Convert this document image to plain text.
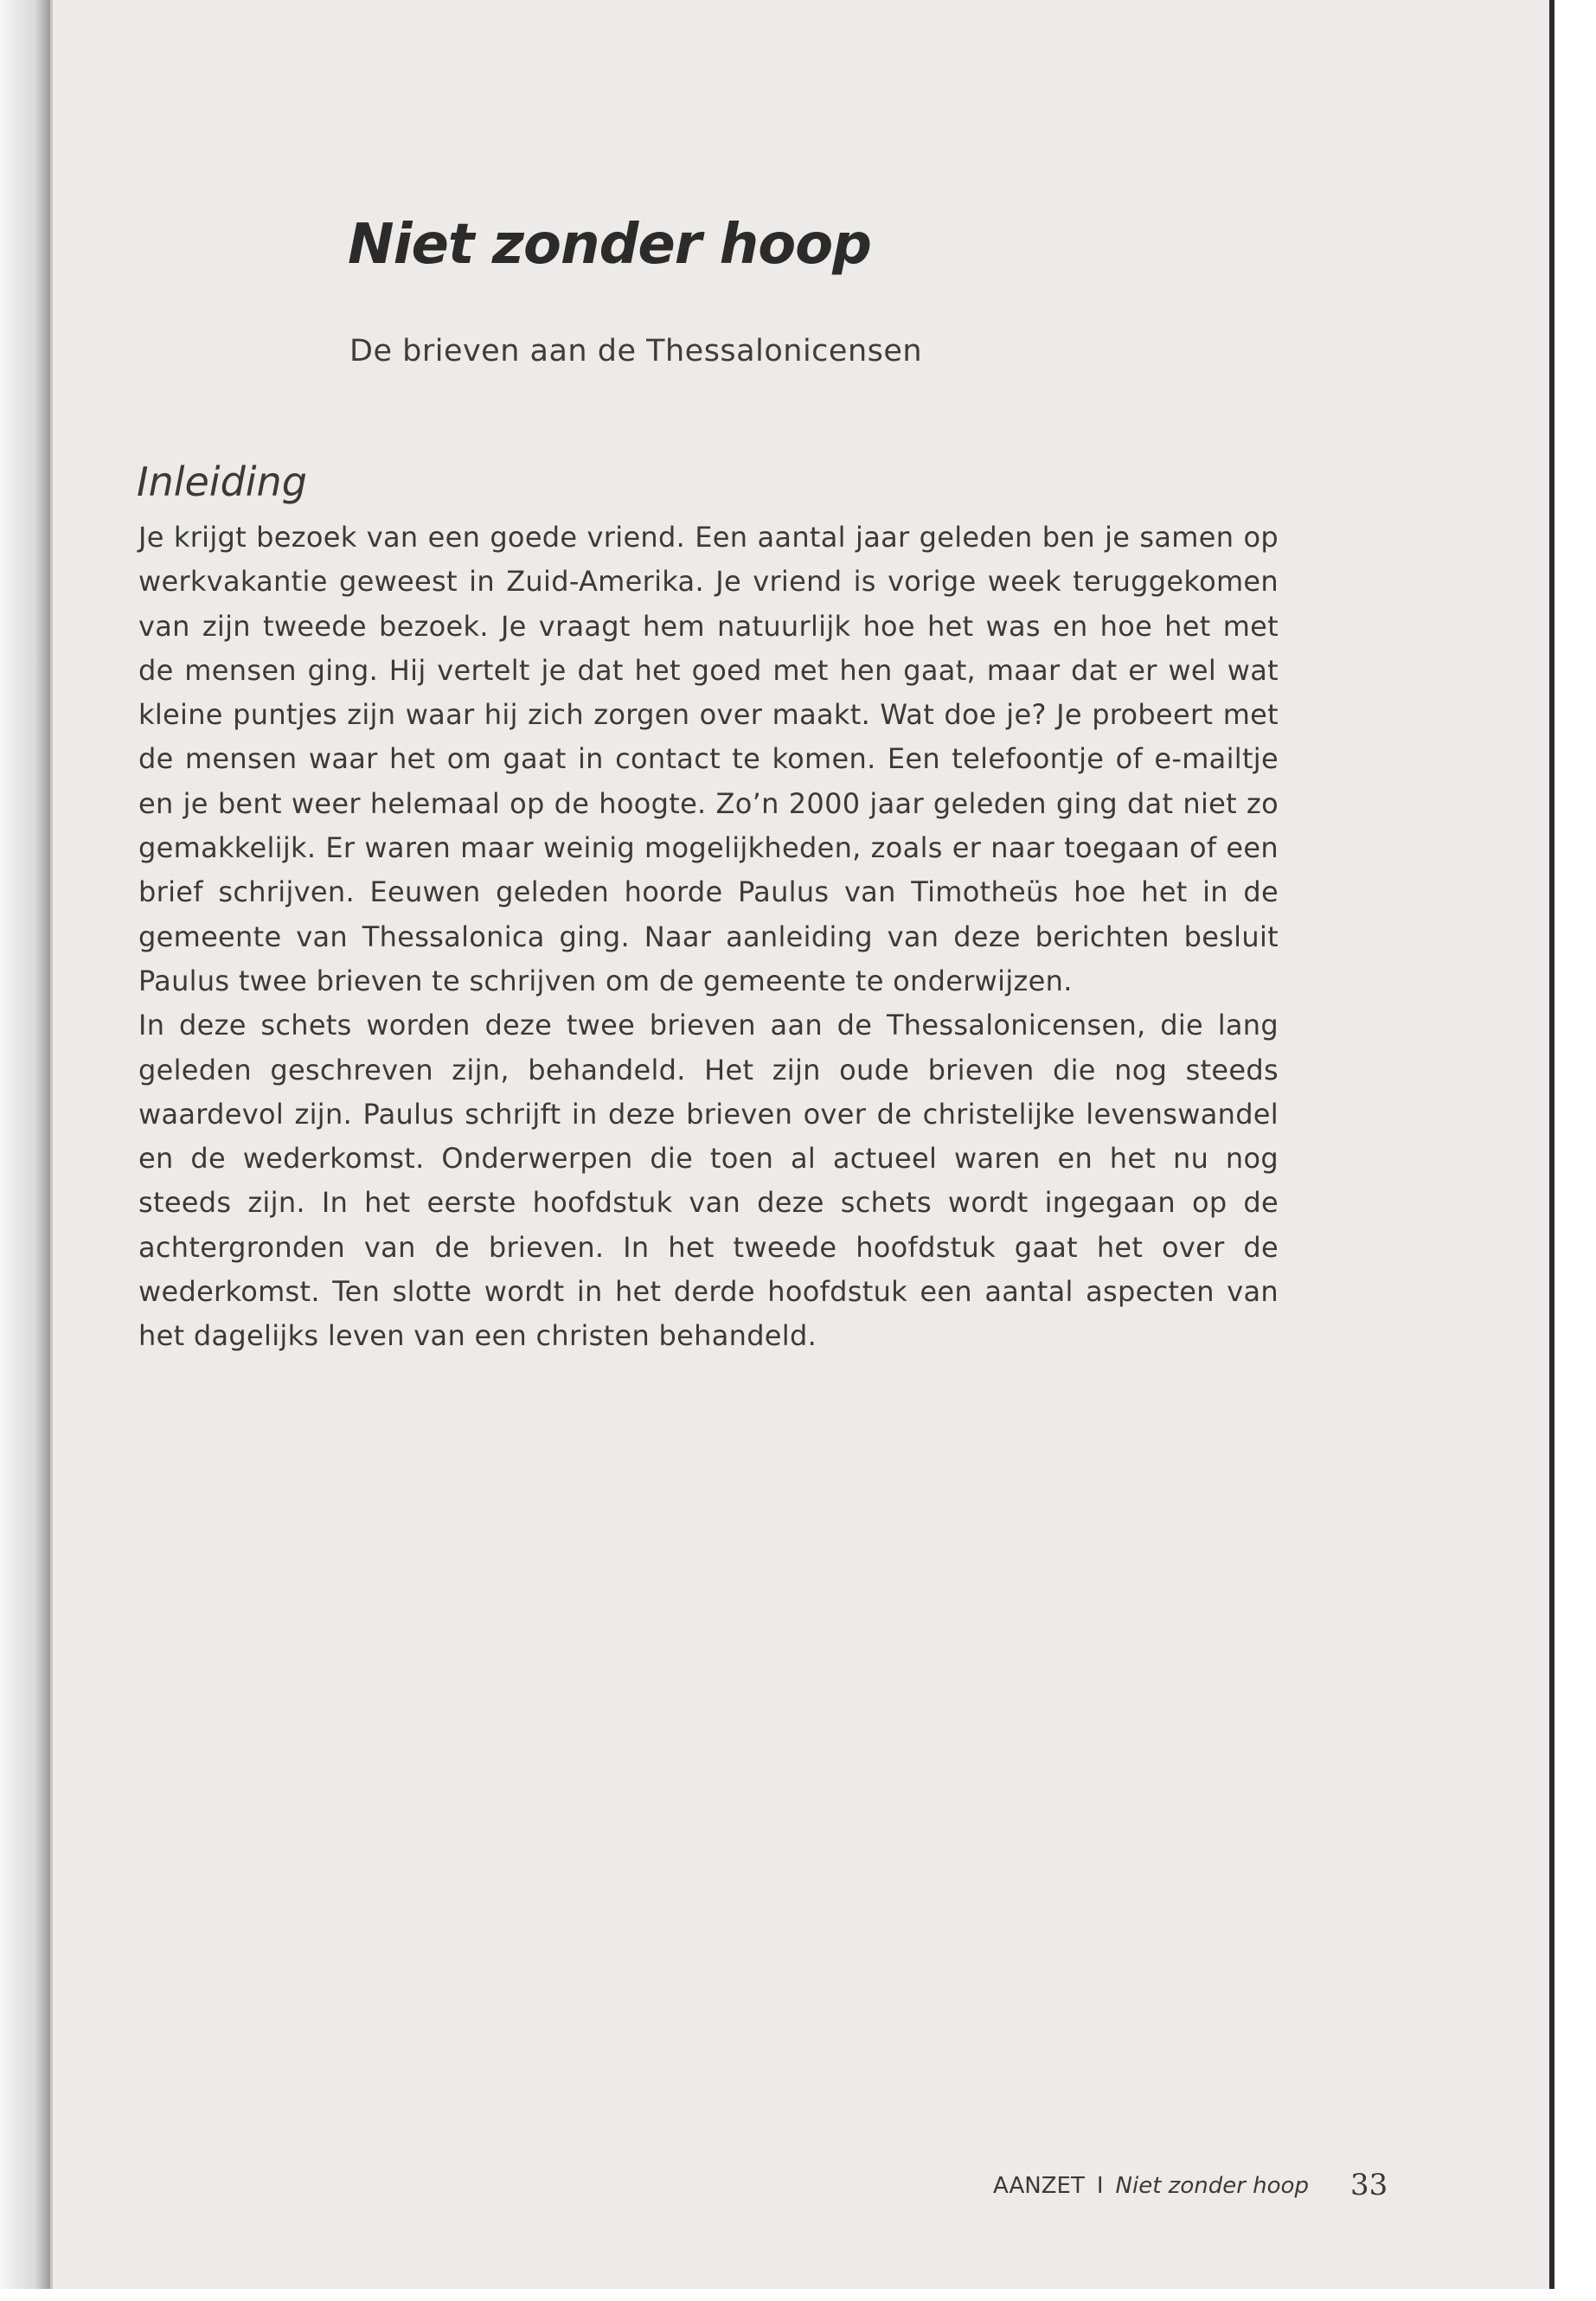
Niet zonder hoop
De brieven aan de Thessalonicensen
Inleiding

Je krijgt bezoek van een goede vriend. Een aantal jaar geleden ben je samen op werkvakantie geweest in Zuid-Amerika. Je vriend is vorige week teruggekomen van zijn tweede bezoek. Je vraagt hem natuurlijk hoe het was en hoe het met de mensen ging. Hij vertelt je dat het goed met hen gaat, maar dat er wel wat kleine puntjes zijn waar hij zich zorgen over maakt. Wat doe je? Je probeert met de mensen waar het om gaat in contact te komen. Een telefoontje of e-mailtje en je bent weer helemaal op de hoogte. Zo’n 2000 jaar geleden ging dat niet zo gemakkelijk. Er waren maar weinig mogelijkheden, zoals er naar toegaan of een brief schrijven. Eeuwen geleden hoorde Paulus van Timotheüs hoe het in de gemeente van Thessalonica ging. Naar aanleiding van deze berichten besluit Paulus twee brieven te schrijven om de gemeente te onderwijzen.

In deze schets worden deze twee brieven aan de Thessalonicensen, die lang geleden geschreven zijn, behandeld. Het zijn oude brieven die nog steeds waardevol zijn. Paulus schrijft in deze brieven over de christelijke levenswandel en de wederkomst. Onderwerpen die toen al actueel waren en het nu nog steeds zijn. In het eerste hoofdstuk van deze schets wordt ingegaan op de achtergronden van de brieven. In het tweede hoofdstuk gaat het over de wederkomst. Ten slotte wordt in het derde hoofdstuk een aantal aspecten van het dagelijks leven van een christen behandeld.

AANZET I Niet zonder hoop 33
